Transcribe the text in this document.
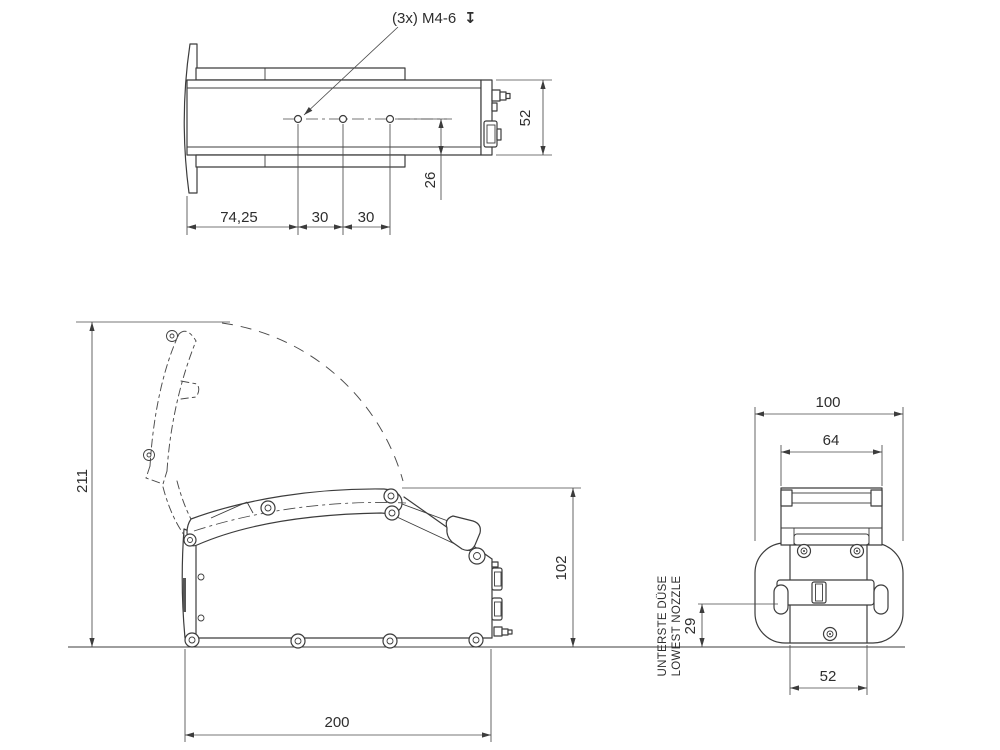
(3x) M4-6 ↧
74,25	30 30
26
52
211
102
200
100
64
29
UNTERSTE DÜSE LOWEST NOZZLE
52
